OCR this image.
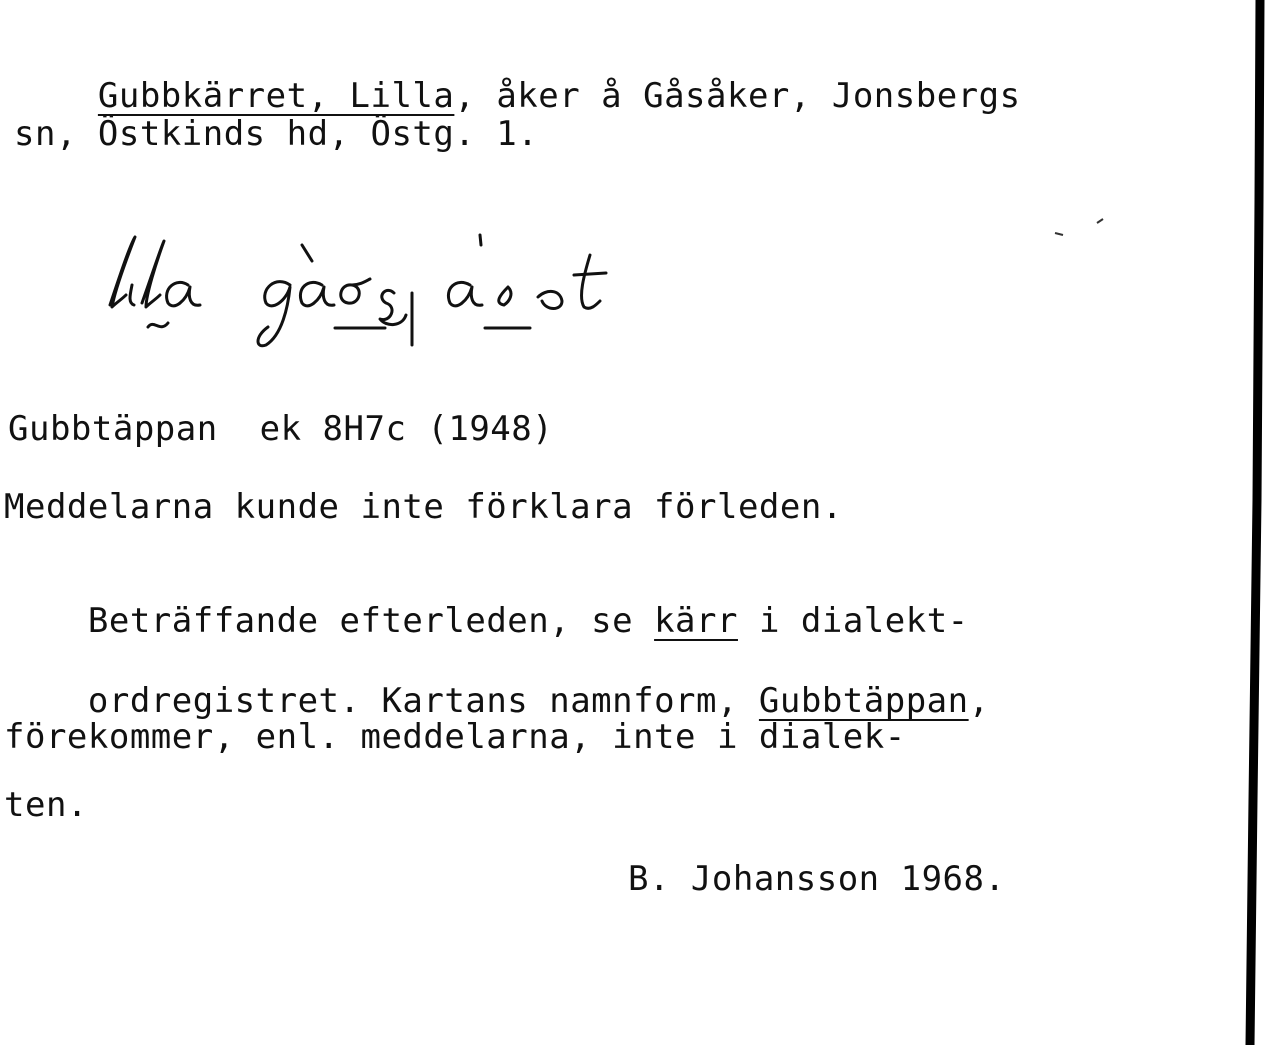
Gubbkärret, Lilla, åker å Gåsåker, Jonsbergs

sn, Östkinds hd, Östg. 1.
Gubbtäppan  ek 8H7c (1948)
Meddelarna kunde inte förklara förleden.

Beträffande efterleden, se kärr i dialekt-

ordregistret. Kartans namnform, Gubbtäppan,

förekommer, enl. meddelarna, inte i dialek-
ten.
B. Johansson 1968.
